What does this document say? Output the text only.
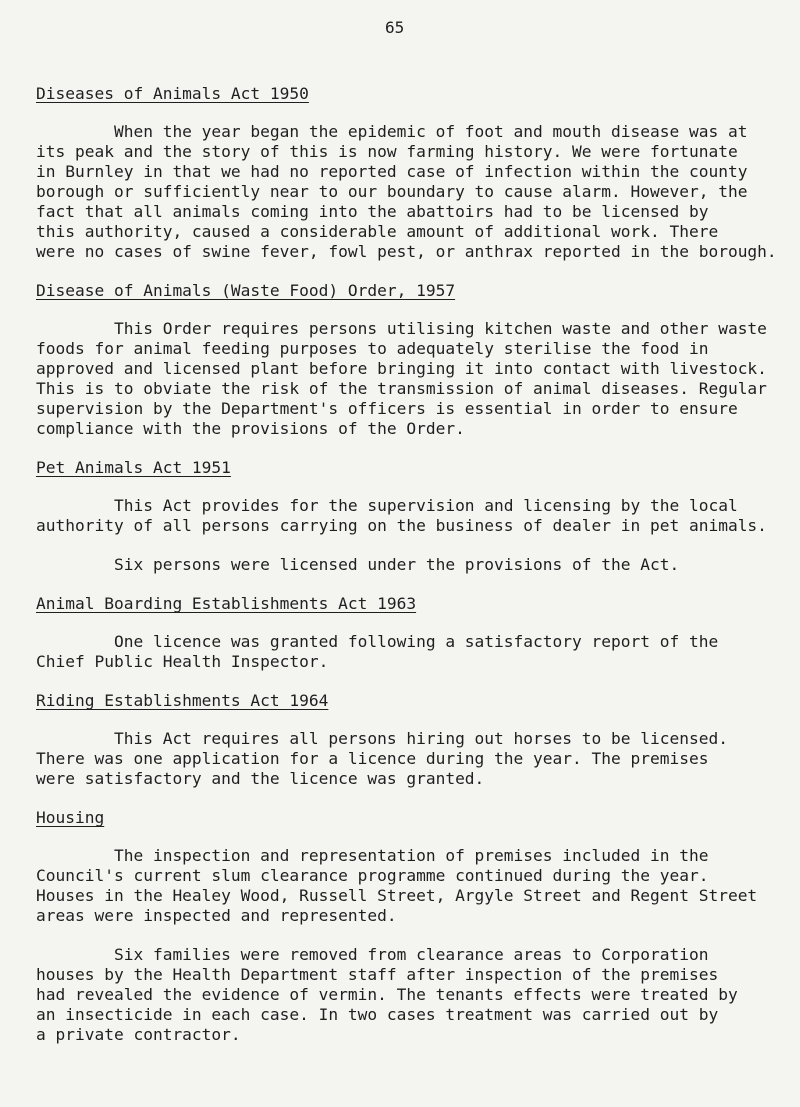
65
Diseases of Animals Act 1950

When the year began the epidemic of foot and mouth disease was at
its peak and the story of this is now farming history. We were fortunate
in Burnley in that we had no reported case of infection within the county
borough or sufficiently near to our boundary to cause alarm. However, the
fact that all animals coming into the abattoirs had to be licensed by
this authority, caused a considerable amount of additional work. There
were no cases of swine fever, fowl pest, or anthrax reported in the borough.

Disease of Animals (Waste Food) Order, 1957

This Order requires persons utilising kitchen waste and other waste
foods for animal feeding purposes to adequately sterilise the food in
approved and licensed plant before bringing it into contact with livestock.
This is to obviate the risk of the transmission of animal diseases. Regular
supervision by the Department's officers is essential in order to ensure
compliance with the provisions of the Order.

Pet Animals Act 1951

This Act provides for the supervision and licensing by the local
authority of all persons carrying on the business of dealer in pet animals.

Six persons were licensed under the provisions of the Act.

Animal Boarding Establishments Act 1963

One licence was granted following a satisfactory report of the
Chief Public Health Inspector.

Riding Establishments Act 1964

This Act requires all persons hiring out horses to be licensed.
There was one application for a licence during the year. The premises
were satisfactory and the licence was granted.

Housing

The inspection and representation of premises included in the
Council's current slum clearance programme continued during the year.
Houses in the Healey Wood, Russell Street, Argyle Street and Regent Street
areas were inspected and represented.

Six families were removed from clearance areas to Corporation
houses by the Health Department staff after inspection of the premises
had revealed the evidence of vermin. The tenants effects were treated by
an insecticide in each case. In two cases treatment was carried out by
a private contractor.
